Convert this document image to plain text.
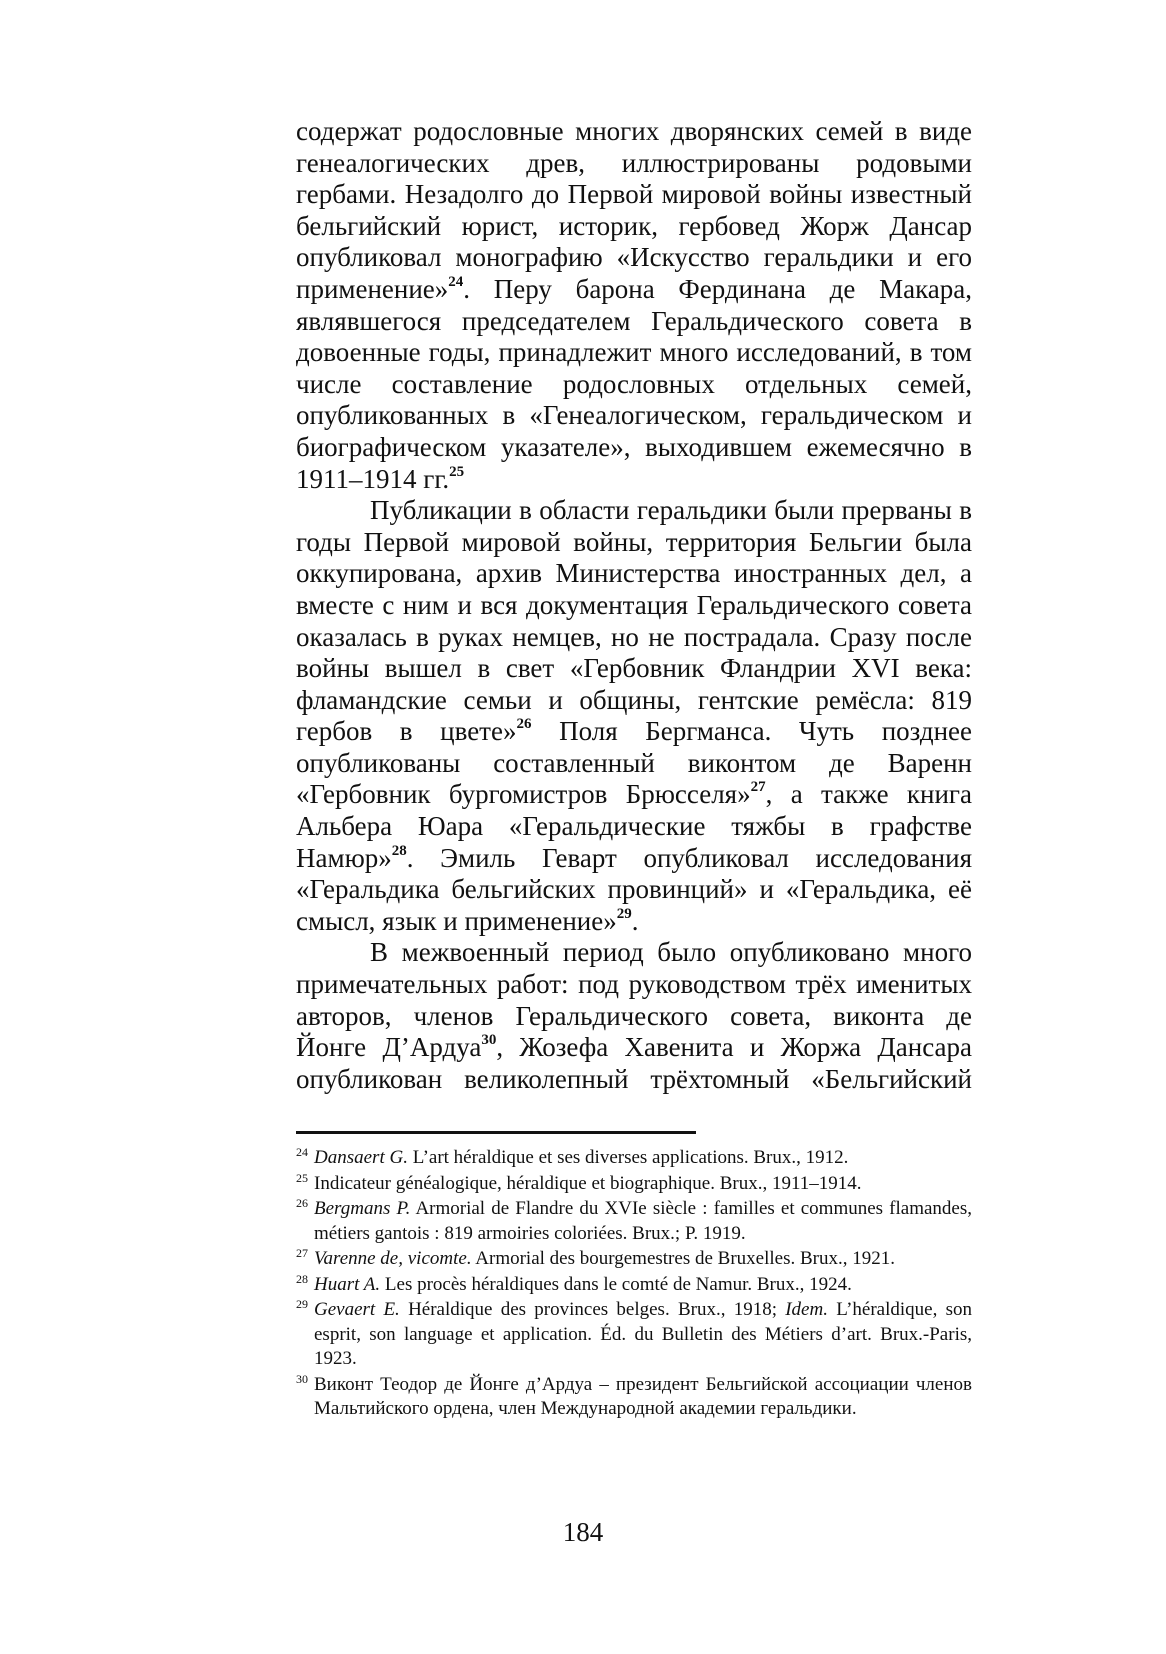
содержат родословные многих дворянских семей в виде генеалогических древ, иллюстрированы родовыми гербами. Незадолго до Первой мировой войны известный бельгийский юрист, историк, гербовед Жорж Дансар опубликовал монографию «Искусство геральдики и его применение»$^{24}$. Перу барона Фердинана де Макара, являвшегося председателем Геральдического совета в довоенные годы, принадлежит много исследований, в том числе составление родословных отдельных семей, опубликованных в «Генеалогическом, геральдическом и биографическом указателе», выходившем ежемесячно в 1911–1914 гг.$^{25}$

Публикации в области геральдики были прерваны в годы Первой мировой войны, территория Бельгии была оккупирована, архив Министерства иностранных дел, а вместе с ним и вся документация Геральдического совета оказалась в руках немцев, но не пострадала. Сразу после войны вышел в свет «Гербовник Фландрии XVI века: фламандские семьи и общины, гентские ремёсла: 819 гербов в цвете»$^{26}$ Поля Бергманса. Чуть позднее опубликованы составленный виконтом де Варенн «Гербовник бургомистров Брюсселя»$^{27}$, а также книга Альбера Юара «Геральдические тяжбы в графстве Намюр»$^{28}$. Эмиль Геварт опубликовал исследования «Геральдика бельгийских провинций» и «Геральдика, её смысл, язык и применение»$^{29}$.

В межвоенный период было опубликовано много примечательных работ: под руководством трёх именитых авторов, членов Геральдического совета, виконта де Йонге Д’Ардуа$^{30}$, Жозефа Хавенита и Жоржа Дансара опубликован великолепный трёхтомный «Бельгийский

24 Dansaert G. L’art héraldique et ses diverses applications. Brux., 1912.

25 Indicateur généalogique, héraldique et biographique. Brux., 1911–1914.

26 Bergmans P. Armorial de Flandre du XVIe siècle : familles et communes flamandes, métiers gantois : 819 armoiries coloriées. Brux.; P. 1919.

27 Varenne de, vicomte. Armorial des bourgemestres de Bruxelles. Brux., 1921.

28 Huart A. Les procès héraldiques dans le comté de Namur. Brux., 1924.

29 Gevaert E. Héraldique des provinces belges. Brux., 1918; Idem. L’héraldique, son esprit, son language et application. Éd. du Bulletin des Métiers d’art. Brux.-Paris, 1923.

30 Виконт Теодор де Йонге д’Ардуа – президент Бельгийской ассоциации членов Мальтийского ордена, член Международной академии геральдики.

184
